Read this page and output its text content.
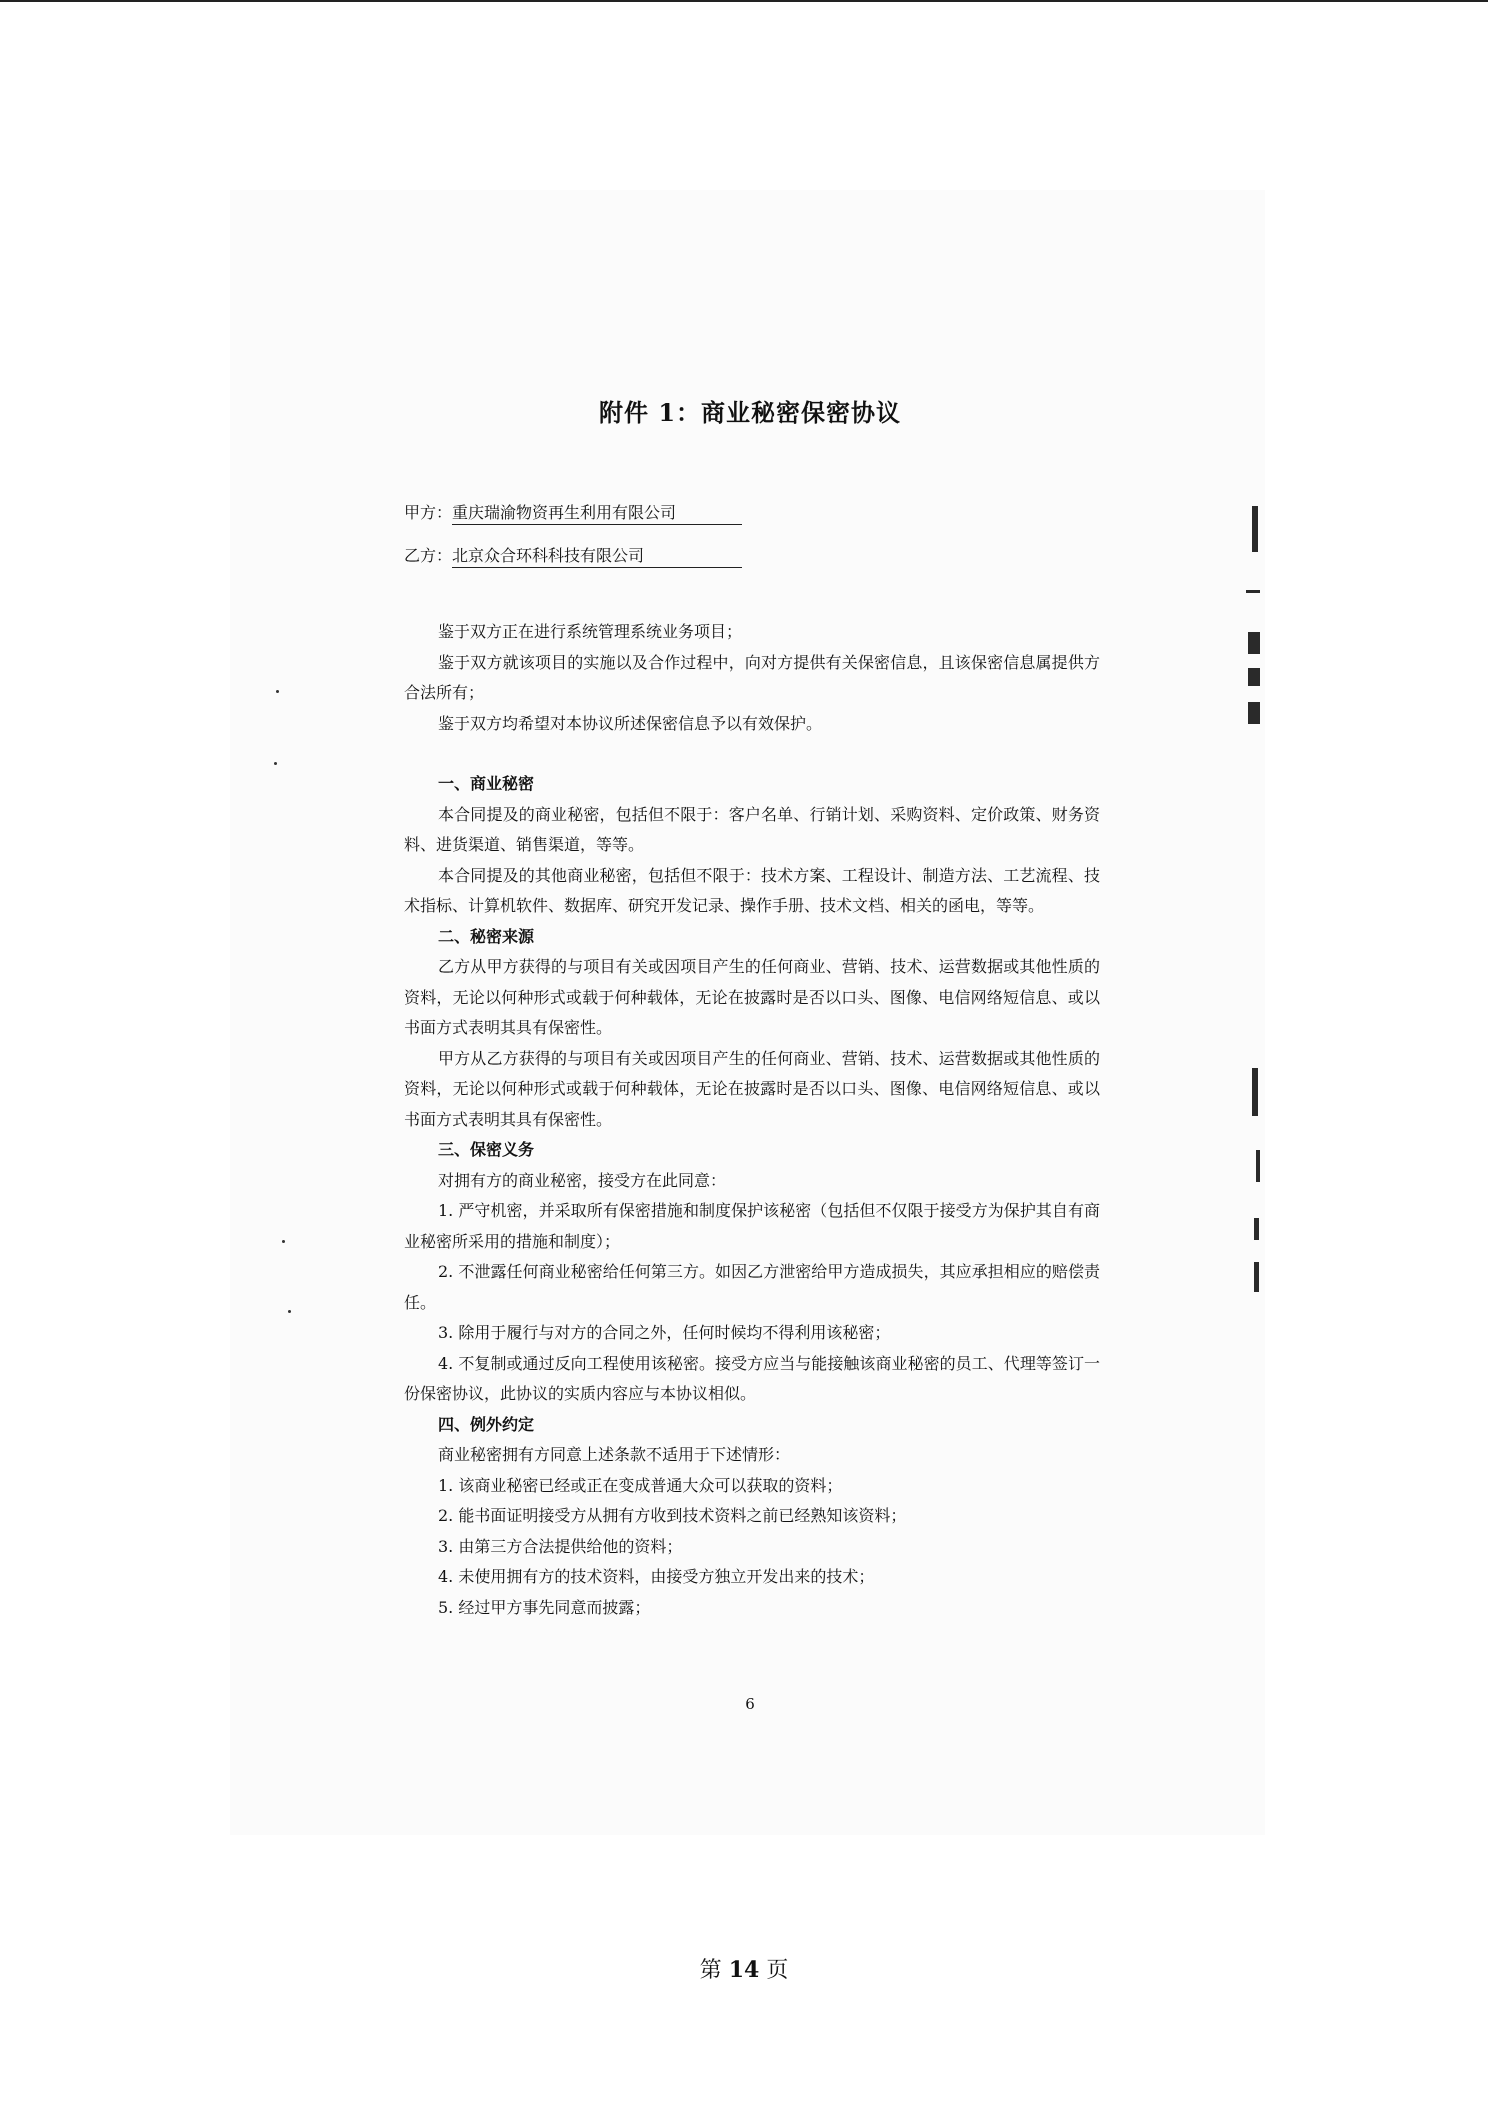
附件 1：商业秘密保密协议
甲方：重庆瑞渝物资再生利用有限公司
乙方：北京众合环科科技有限公司

鉴于双方正在进行系统管理系统业务项目；

鉴于双方就该项目的实施以及合作过程中，向对方提供有关保密信息，且该保密信息属提供方合法所有；

鉴于双方均希望对本协议所述保密信息予以有效保护。

一、商业秘密

本合同提及的商业秘密，包括但不限于：客户名单、行销计划、采购资料、定价政策、财务资料、进货渠道、销售渠道，等等。

本合同提及的其他商业秘密，包括但不限于：技术方案、工程设计、制造方法、工艺流程、技术指标、计算机软件、数据库、研究开发记录、操作手册、技术文档、相关的函电，等等。

二、秘密来源

乙方从甲方获得的与项目有关或因项目产生的任何商业、营销、技术、运营数据或其他性质的资料，无论以何种形式或载于何种载体，无论在披露时是否以口头、图像、电信网络短信息、或以书面方式表明其具有保密性。

甲方从乙方获得的与项目有关或因项目产生的任何商业、营销、技术、运营数据或其他性质的资料，无论以何种形式或载于何种载体，无论在披露时是否以口头、图像、电信网络短信息、或以书面方式表明其具有保密性。

三、保密义务

对拥有方的商业秘密，接受方在此同意：

1. 严守机密，并采取所有保密措施和制度保护该秘密（包括但不仅限于接受方为保护其自有商业秘密所采用的措施和制度）；

2. 不泄露任何商业秘密给任何第三方。如因乙方泄密给甲方造成损失，其应承担相应的赔偿责任。

3. 除用于履行与对方的合同之外，任何时候均不得利用该秘密；

4. 不复制或通过反向工程使用该秘密。接受方应当与能接触该商业秘密的员工、代理等签订一份保密协议，此协议的实质内容应与本协议相似。

四、例外约定

商业秘密拥有方同意上述条款不适用于下述情形：

1. 该商业秘密已经或正在变成普通大众可以获取的资料；

2. 能书面证明接受方从拥有方收到技术资料之前已经熟知该资料；

3. 由第三方合法提供给他的资料；

4. 未使用拥有方的技术资料，由接受方独立开发出来的技术；

5. 经过甲方事先同意而披露；

6
第 14 页
